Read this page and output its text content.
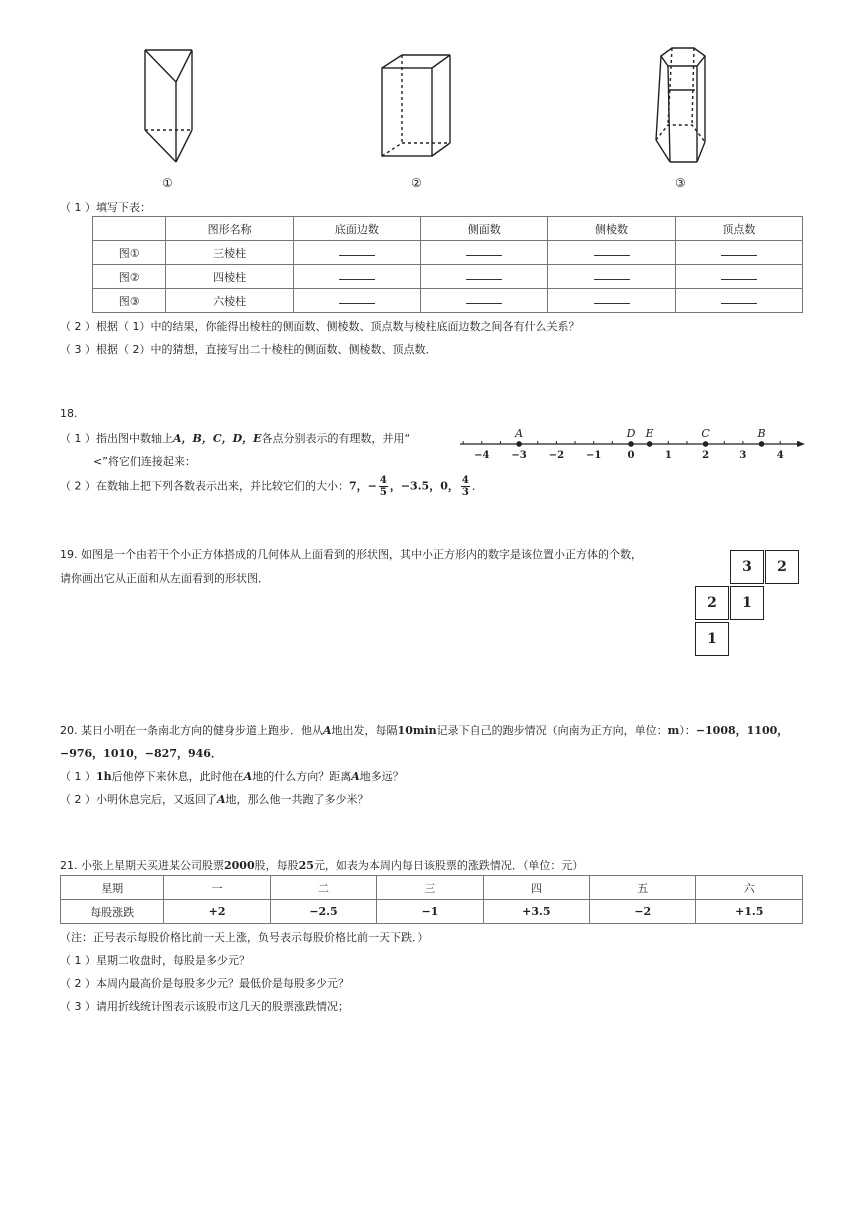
①	②	③
（ 1 ）填写下表：
	图形名称	底面边数	侧面数	侧棱数	顶点数
图①	三棱柱				
图②	四棱柱				
图③	六棱柱				
（ 2 ）根据（ 1）中的结果，你能得出棱柱的侧面数、侧棱数、顶点数与棱柱底面边数之间各有什么关系？
（ 3 ）根据（ 2）中的猜想，直接写出二十棱柱的侧面数、侧棱数、顶点数．
18.
（ 1 ）指出图中数轴上A，B，C，D，E各点分别表示的有理数，并用“
<”将它们连接起来：
（ 2 ）在数轴上把下列各数表示出来，并比较它们的大小：7，− $\frac{4}{5}$ ，−3.5，0， $\frac{4}{3}$ ．
−4 −3 −2 −1	0	1	2	3	4
A	D E	C	B
19. 如图是一个由若干个小正方体搭成的几何体从上面看到的形状图，其中小正方形内的数字是该位置小正方体的个数，
请你画出它从正面和从左面看到的形状图．
3	2
2	1
1
20. 某日小明在一条南北方向的健身步道上跑步．他从A地出发，每隔10min记录下自己的跑步情况（向南为正方向，单位：m）：−1008，1100，
−976，1010，−827，946．
（ 1 ）1h后他停下来休息，此时他在A地的什么方向？距离A地多远？
（ 2 ）小明休息完后，又返回了A地，那么他一共跑了多少米？
21. 小张上星期天买进某公司股票2000股，每股25元，如表为本周内每日该股票的涨跌情况．（单位：元）
星期	一	二	三	四	五	六
每股涨跌	+2	−2.5	−1	+3.5	−2	+1.5
（注：正号表示每股价格比前一天上涨，负号表示每股价格比前一天下跌．）
（ 1 ）星期二收盘时，每股是多少元？
（ 2 ）本周内最高价是每股多少元？最低价是每股多少元？
（ 3 ）请用折线统计图表示该股市这几天的股票涨跌情况；
